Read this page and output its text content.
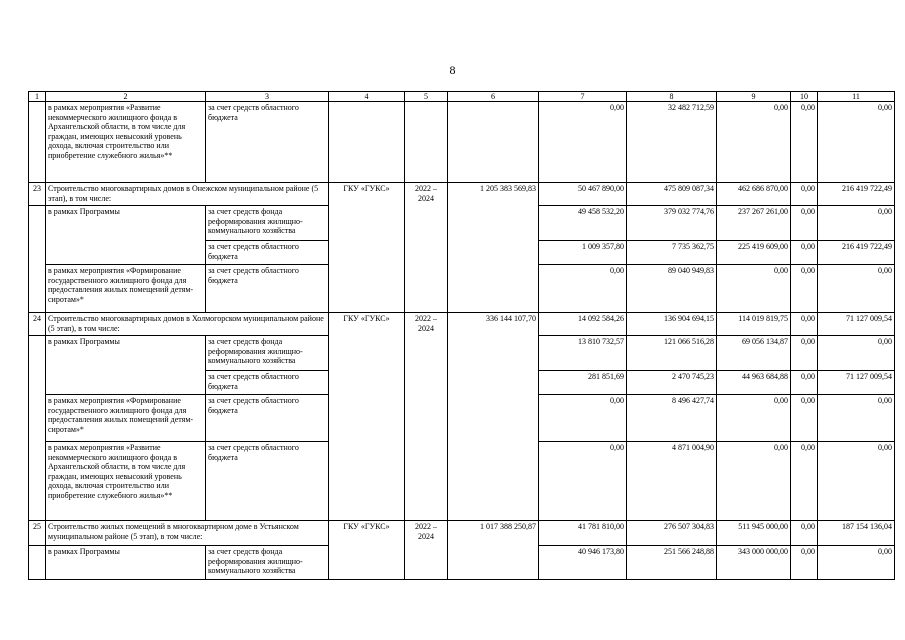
8
1	2	3	4	5	6	7	8	9	10	11
	в рамках мероприятия «Развитие некоммерческого жилищного фонда в Архангельской области, в том числе для граждан, имеющих невысокий уровень дохода, включая строительство или приобретение служебного жилья»**	за счет средств областного бюджета				0,00	32 482 712,59	0,00	0,00	0,00
23	Строительство многоквартирных домов в Онежском муниципальном районе (5 этап), в том числе:		ГКУ «ГУКС»	2022 – 2024	1 205 383 569,83	50 467 890,00	475 809 087,34	462 686 870,00	0,00	216 419 722,49
	в рамках Программы	за счет средств фонда реформирования жилищно-коммунального хозяйства				49 458 532,20	379 032 774,76	237 267 261,00	0,00	0,00
		за счет средств областного бюджета				1 009 357,80	7 735 362,75	225 419 609,00	0,00	216 419 722,49
	в рамках мероприятия «Формирование государственного жилищного фонда для предоставления жилых помещений детям-сиротам»*	за счет средств областного бюджета				0,00	89 040 949,83	0,00	0,00	0,00
24	Строительство многоквартирных домов в Холмогорском муниципальном районе (5 этап), в том числе:		ГКУ «ГУКС»	2022 – 2024	336 144 107,70	14 092 584,26	136 904 694,15	114 019 819,75	0,00	71 127 009,54
	в рамках Программы	за счет средств фонда реформирования жилищно-коммунального хозяйства				13 810 732,57	121 066 516,28	69 056 134,87	0,00	0,00
		за счет средств областного бюджета				281 851,69	2 470 745,23	44 963 684,88	0,00	71 127 009,54
	в рамках мероприятия «Формирование государственного жилищного фонда для предоставления жилых помещений детям-сиротам»*	за счет средств областного бюджета				0,00	8 496 427,74	0,00	0,00	0,00
	в рамках мероприятия «Развитие некоммерческого жилищного фонда в Архангельской области, в том числе для граждан, имеющих невысокий уровень дохода, включая строительство или приобретение служебного жилья»**	за счет средств областного бюджета				0,00	4 871 004,90	0,00	0,00	0,00
25	Строительство жилых помещений в многоквартирном доме в Устьянском муниципальном районе (5 этап), в том числе:		ГКУ «ГУКС»	2022 – 2024	1 017 388 250,87	41 781 810,00	276 507 304,83	511 945 000,00	0,00	187 154 136,04
	в рамках Программы	за счет средств фонда реформирования жилищно-коммунального хозяйства				40 946 173,80	251 566 248,88	343 000 000,00	0,00	0,00
